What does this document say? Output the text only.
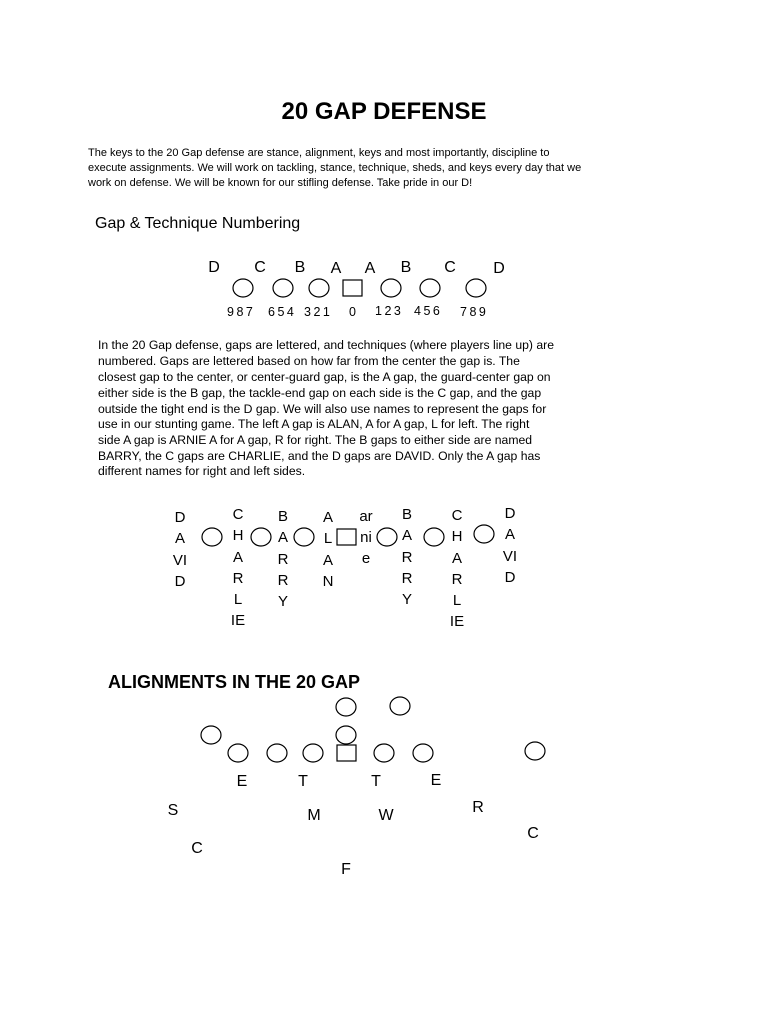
20 GAP DEFENSE
The keys to the 20 Gap defense are stance, alignment, keys and most importantly, discipline to
execute assignments. We will work on tackling, stance, technique, sheds, and keys every day that we
work on defense. We will be known for our stifling defense. Take pride in our D!
Gap & Technique Numbering
D C B A A B C D
987 654 321 0 123 456 789
In the 20 Gap defense, gaps are lettered, and techniques (where players line up) are
numbered. Gaps are lettered based on how far from the center the gap is. The
closest gap to the center, or center-guard gap, is the A gap, the guard-center gap on
either side is the B gap, the tackle-end gap on each side is the C gap, and the gap
outside the tight end is the D gap. We will also use names to represent the gaps for
use in our stunting game. The left A gap is ALAN, A for A gap, L for left. The right
side A gap is ARNIE A for A gap, R for right. The B gaps to either side are named
BARRY, the C gaps are CHARLIE, and the D gaps are DAVID. Only the A gap has
different names for right and left sides.
D
A
VI
D
C
H
A
R
L
IE
B
A
R
R
Y
A
L
A
N
ar
ni
e
B
A
R
R
Y
C
H
A
R
L
IE
D
A
VI
D
ALIGNMENTS IN THE 20 GAP
E	T	T	E
S	M	W	R
C
C
F
